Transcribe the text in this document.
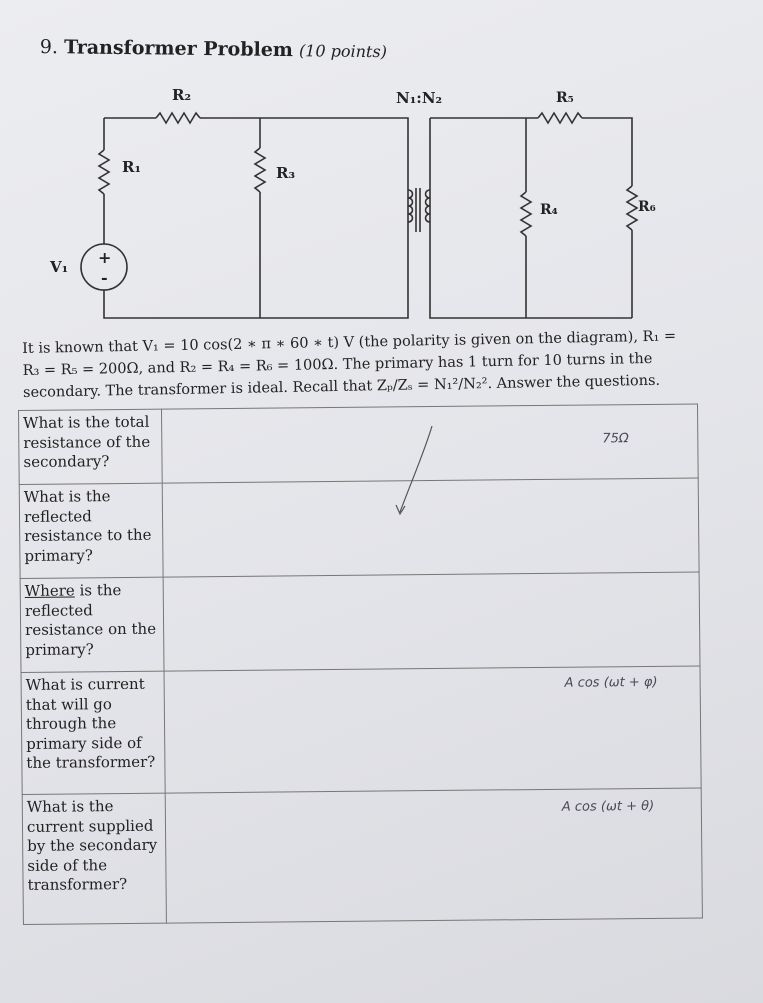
9. Transformer Problem (10 points)
+
-
V₁
R₁
R₂
R₃
N₁:N₂	R₅
R₄	R₆

It is known that V₁ = 10 cos(2 ∗ π ∗ 60 ∗ t) V (the polarity is given on the diagram), R₁ =

R₃ = R₅ = 200Ω, and R₂ = R₄ = R₆ = 100Ω. The primary has 1 turn for 10 turns in the

secondary. The transformer is ideal. Recall that Zₚ/Zₛ = N₁²/N₂². Answer the questions.

What is the total resistance of the secondary?	75Ω

What is the reflected resistance to the primary?	

Where is the reflected resistance on the primary?	

What is current that will go through the primary side of the transformer?	A cos (ωt + φ)

What is the current supplied by the secondary side of the transformer?	A cos (ωt + θ)
